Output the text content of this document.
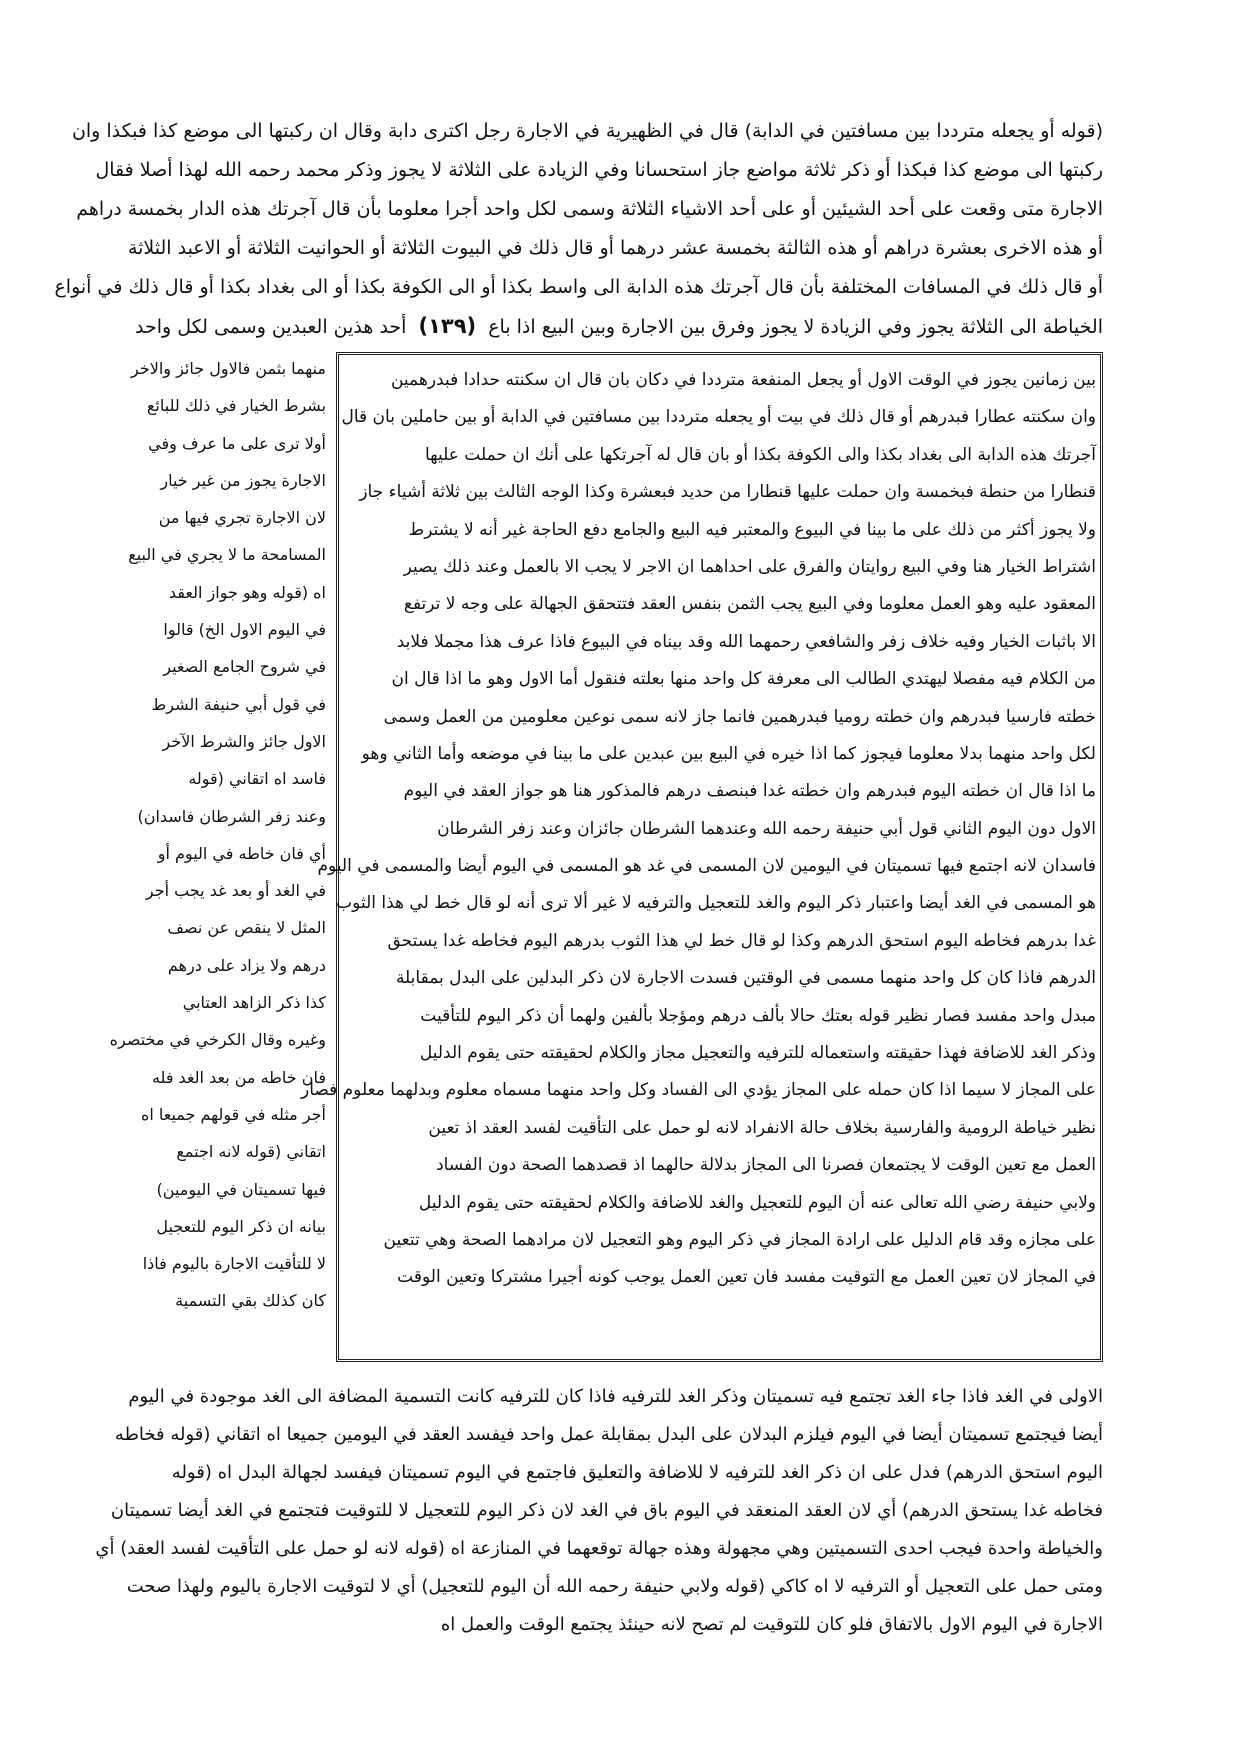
(قوله أو يجعله مترددا بين مسافتين في الدابة) قال في الظهيرية في الاجارة رجل اكترى دابة وقال ان ركبتها الى موضع كذا فبكذا وان
ركبتها الى موضع كذا فبكذا أو ذكر ثلاثة مواضع جاز استحسانا وفي الزيادة على الثلاثة لا يجوز وذكر محمد رحمه الله لهذا أصلا فقال
الاجارة متى وقعت على أحد الشيئين أو على أحد الاشياء الثلاثة وسمى لكل واحد أجرا معلوما بأن قال آجرتك هذه الدار بخمسة دراهم
أو هذه الاخرى بعشرة دراهم أو هذه الثالثة بخمسة عشر درهما أو قال ذلك في البيوت الثلاثة أو الحوانيت الثلاثة أو الاعبد الثلاثة
أو قال ذلك في المسافات المختلفة بأن قال آجرتك هذه الدابة الى واسط بكذا أو الى الكوفة بكذا أو الى بغداد بكذا أو قال ذلك في أنواع
الخياطة الى الثلاثة يجوز وفي الزيادة لا يجوز وفرق بين الاجارة وبين البيع اذا باع (١٣٩) أحد هذين العبدين وسمى لكل واحد
بين زمانين يجوز في الوقت الاول أو يجعل المنفعة مترددا في دكان بان قال ان سكنته حدادا فبدرهمين
وان سكنته عطارا فبدرهم أو قال ذلك في بيت أو يجعله مترددا بين مسافتين في الدابة أو بين حاملين بان قال
آجرتك هذه الدابة الى بغداد بكذا والى الكوفة بكذا أو بان قال له آجرتكها على أنك ان حملت عليها
قنطارا من حنطة فبخمسة وان حملت عليها قنطارا من حديد فبعشرة وكذا الوجه الثالث بين ثلاثة أشياء جاز
ولا يجوز أكثر من ذلك على ما بينا في البيوع والمعتبر فيه البيع والجامع دفع الحاجة غير أنه لا يشترط
اشتراط الخيار هنا وفي البيع روايتان والفرق على احداهما ان الاجر لا يجب الا بالعمل وعند ذلك يصير
المعقود عليه وهو العمل معلوما وفي البيع يجب الثمن بنفس العقد فتتحقق الجهالة على وجه لا ترتفع
الا باثبات الخيار وفيه خلاف زفر والشافعي رحمهما الله وقد بيناه في البيوع فاذا عرف هذا مجملا فلابد
من الكلام فيه مفصلا ليهتدي الطالب الى معرفة كل واحد منها بعلته فنقول أما الاول وهو ما اذا قال ان
خطته فارسيا فبدرهم وان خطته روميا فبدرهمين فانما جاز لانه سمى نوعين معلومين من العمل وسمى
لكل واحد منهما بدلا معلوما فيجوز كما اذا خيره في البيع بين عبدين على ما بينا في موضعه وأما الثاني وهو
ما اذا قال ان خطته اليوم فبدرهم وان خطته غدا فبنصف درهم فالمذكور هنا هو جواز العقد في اليوم
الاول دون اليوم الثاني قول أبي حنيفة رحمه الله وعندهما الشرطان جائزان وعند زفر الشرطان
فاسدان لانه اجتمع فيها تسميتان في اليومين لان المسمى في غد هو المسمى في اليوم أيضا والمسمى في اليوم
هو المسمى في الغد أيضا واعتبار ذكر اليوم والغد للتعجيل والترفيه لا غير ألا ترى أنه لو قال خط لي هذا الثوب
غدا بدرهم فخاطه اليوم استحق الدرهم وكذا لو قال خط لي هذا الثوب بدرهم اليوم فخاطه غدا يستحق
الدرهم فاذا كان كل واحد منهما مسمى في الوقتين فسدت الاجارة لان ذكر البدلين على البدل بمقابلة
مبدل واحد مفسد فصار نظير قوله بعتك حالا بألف درهم ومؤجلا بألفين ولهما أن ذكر اليوم للتأقيت
وذكر الغد للاضافة فهذا حقيقته واستعماله للترفيه والتعجيل مجاز والكلام لحقيقته حتى يقوم الدليل
على المجاز لا سيما اذا كان حمله على المجاز يؤدي الى الفساد وكل واحد منهما مسماه معلوم وبدلهما معلوم فصار
نظير خياطة الرومية والفارسية بخلاف حالة الانفراد لانه لو حمل على التأقيت لفسد العقد اذ تعين
العمل مع تعين الوقت لا يجتمعان فصرنا الى المجاز بدلالة حالهما اذ قصدهما الصحة دون الفساد
ولابي حنيفة رضي الله تعالى عنه أن اليوم للتعجيل والغد للاضافة والكلام لحقيقته حتى يقوم الدليل
على مجازه وقد قام الدليل على ارادة المجاز في ذكر اليوم وهو التعجيل لان مرادهما الصحة وهي تتعين
في المجاز لان تعين العمل مع التوقيت مفسد فان تعين العمل يوجب كونه أجيرا مشتركا وتعين الوقت
منهما بثمن فالاول جائز والاخر
بشرط الخيار في ذلك للبائع
أولا ترى على ما عرف وفي
الاجارة يجوز من غير خيار
لان الاجارة تجري فيها من
المسامحة ما لا يجري في البيع
اه (قوله وهو جواز العقد
في اليوم الاول الخ) قالوا
في شروح الجامع الصغير
في قول أبي حنيفة الشرط
الاول جائز والشرط الآخر
فاسد اه اتقاني (قوله
وعند زفر الشرطان فاسدان)
أي فان خاطه في اليوم أو
في الغد أو بعد غد يجب أجر
المثل لا ينقص عن نصف
درهم ولا يزاد على درهم
كذا ذكر الزاهد العتابي
وغيره وقال الكرخي في مختصره
فان خاطه من بعد الغد فله
أجر مثله في قولهم جميعا اه
اتقاني (قوله لانه اجتمع
فيها تسميتان في اليومين)
بيانه ان ذكر اليوم للتعجيل
لا للتأقيت الاجارة باليوم فاذا
كان كذلك بقي التسمية
الاولى في الغد فاذا جاء الغد تجتمع فيه تسميتان وذكر الغد للترفيه فاذا كان للترفيه كانت التسمية المضافة الى الغد موجودة في اليوم
أيضا فيجتمع تسميتان أيضا في اليوم فيلزم البدلان على البدل بمقابلة عمل واحد فيفسد العقد في اليومين جميعا اه اتقاني (قوله فخاطه
اليوم استحق الدرهم) فدل على ان ذكر الغد للترفيه لا للاضافة والتعليق فاجتمع في اليوم تسميتان فيفسد لجهالة البدل اه (قوله
فخاطه غدا يستحق الدرهم) أي لان العقد المنعقد في اليوم باق في الغد لان ذكر اليوم للتعجيل لا للتوقيت فتجتمع في الغد أيضا تسميتان
والخياطة واحدة فيجب احدى التسميتين وهي مجهولة وهذه جهالة توقعهما في المنازعة اه (قوله لانه لو حمل على التأقيت لفسد العقد) أي
ومتى حمل على التعجيل أو الترفيه لا اه كاكي (قوله ولابي حنيفة رحمه الله أن اليوم للتعجيل) أي لا لتوقيت الاجارة باليوم ولهذا صحت
الاجارة في اليوم الاول بالاتفاق فلو كان للتوقيت لم تصح لانه حينئذ يجتمع الوقت والعمل اه
